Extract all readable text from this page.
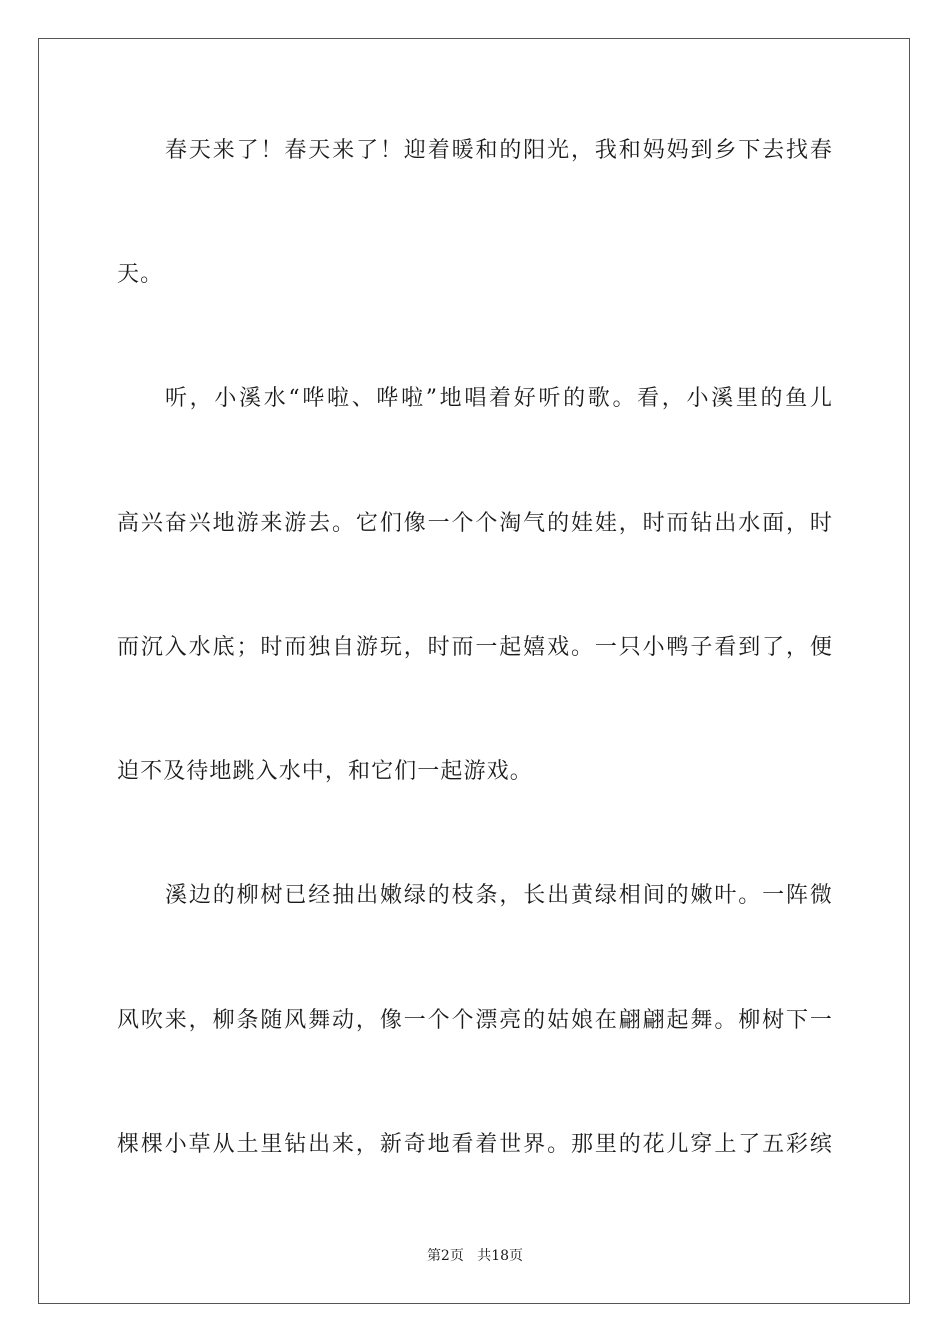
春天来了！春天来了！迎着暖和的阳光，我和妈妈到乡下去找春
天。
听，小溪水“哗啦、哗啦”地唱着好听的歌。看，小溪里的鱼儿
高兴奋兴地游来游去。它们像一个个淘气的娃娃，时而钻出水面，时
而沉入水底；时而独自游玩，时而一起嬉戏。一只小鸭子看到了，便
迫不及待地跳入水中，和它们一起游戏。
溪边的柳树已经抽出嫩绿的枝条，长出黄绿相间的嫩叶。一阵微
风吹来，柳条随风舞动，像一个个漂亮的姑娘在翩翩起舞。柳树下一
棵棵小草从土里钻出来，新奇地看着世界。那里的花儿穿上了五彩缤
第2页 共18页
